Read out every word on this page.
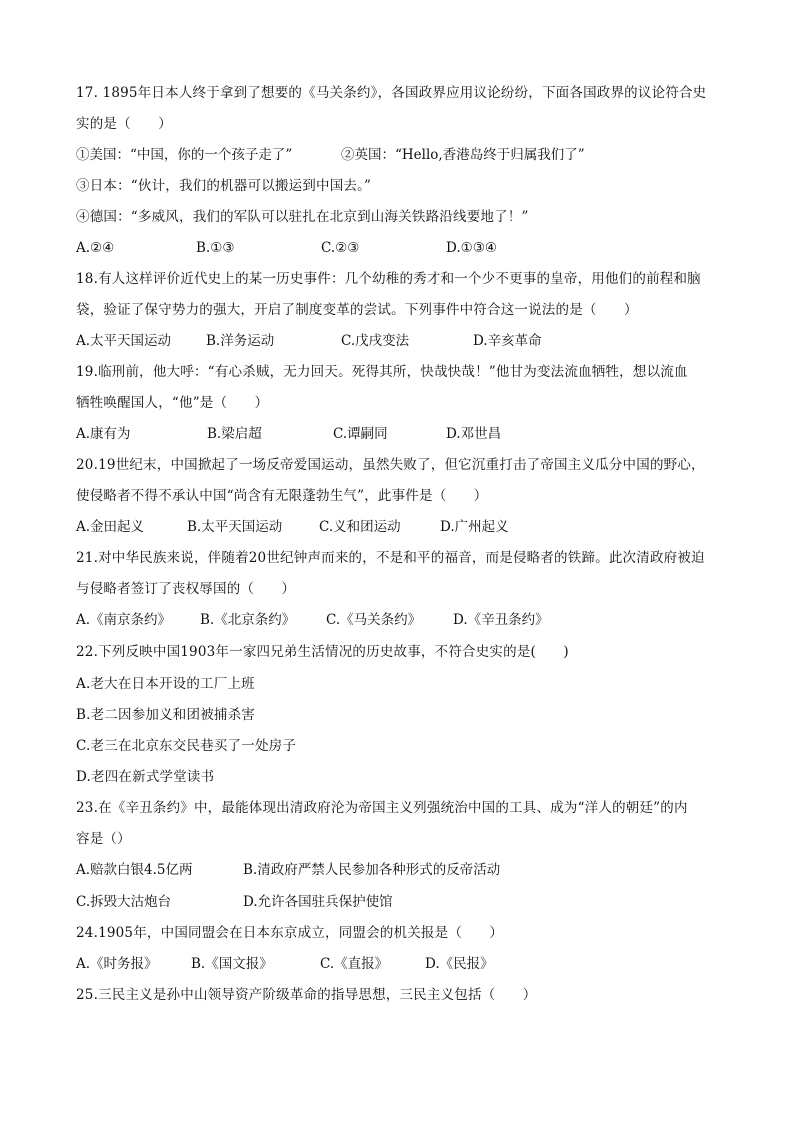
17. 1895年日本人终于拿到了想要的《马关条约》，各国政界应用议论纷纷，下面各国政界的议论符合史
实的是（　　）
①美国：“中国，你的一个孩子走了”	②英国：“Hello,香港岛终于归属我们了”
③日本：“伙计，我们的机器可以搬运到中国去。”
④德国：“多威风，我们的军队可以驻扎在北京到山海关铁路沿线要地了！”
A.②④	B.①③	C.②③	D.①③④
18.有人这样评价近代史上的某一历史事件：几个幼稚的秀才和一个少不更事的皇帝，用他们的前程和脑
袋，验证了保守势力的强大，开启了制度变革的尝试。下列事件中符合这一说法的是（　　）
A.太平天国运动	B.洋务运动	C.戊戌变法	D.辛亥革命
19.临刑前，他大呼：“有心杀贼，无力回天。死得其所，快哉快哉！”他甘为变法流血牺牲，想以流血
牺牲唤醒国人，“他”是（　　）
A.康有为	B.梁启超	C.谭嗣同	D.邓世昌
20.19世纪末，中国掀起了一场反帝爱国运动，虽然失败了，但它沉重打击了帝国主义瓜分中国的野心，
使侵略者不得不承认中国“尚含有无限蓬勃生气”，此事件是（　　）
A.金田起义	B.太平天国运动	C.义和团运动	D.广州起义
21.对中华民族来说，伴随着20世纪钟声而来的，不是和平的福音，而是侵略者的铁蹄。此次清政府被迫
与侵略者签订了丧权辱国的（　　）
A.《南京条约》 B.《北京条约》 C.《马关条约》 D.《辛丑条约》
22.下列反映中国1903年一家四兄弟生活情况的历史故事，不符合史实的是(　　)
A.老大在日本开设的工厂上班
B.老二因参加义和团被捕杀害
C.老三在北京东交民巷买了一处房子
D.老四在新式学堂读书
23.在《辛丑条约》中，最能体现出清政府沦为帝国主义列强统治中国的工具、成为“洋人的朝廷”的内
容是（）
A.赔款白银4.5亿两	B.清政府严禁人民参加各种形式的反帝活动
C.拆毁大沽炮台	D.允许各国驻兵保护使馆
24.1905年，中国同盟会在日本东京成立，同盟会的机关报是（　　）
A.《时务报》 B.《国文报》	C.《直报》	D.《民报》
25.三民主义是孙中山领导资产阶级革命的指导思想，三民主义包括（　　）
